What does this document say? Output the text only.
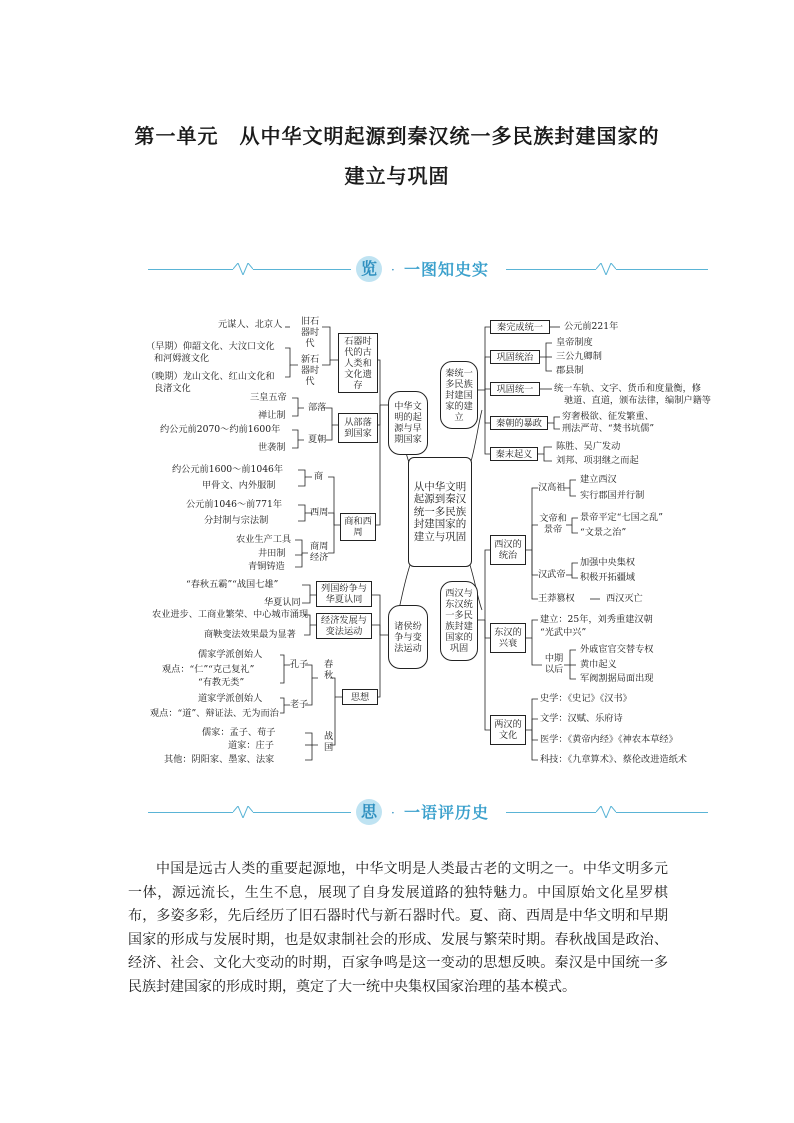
第一单元　从中华文明起源到秦汉统一多民族封建国家的
建立与巩固
览	· 一图知史实
从中华文明起源到秦汉统一多民族封建国家的建立与巩固
中华文明的起源与早期国家
诸侯纷争与变法运动
秦统一多民族封建国家的建立
西汉与东汉统一多民族封建国家的巩固
石器时代的古人类和文化遗存
从部落到国家
商和西周
列国纷争与华夏认同
经济发展与变法运动
思想
旧石器时代
新石器时代
元谋人、北京人
（早期）仰韶文化、大汶口文化
和河姆渡文化
（晚期）龙山文化、红山文化和
良渚文化
部落
夏朝
三皇五帝
禅让制
约公元前2070～约前1600年
世袭制
商
约公元前1600～前1046年
甲骨文、内外服制
西周
公元前1046～前771年
分封制与宗法制
商周经济
农业生产工具
井田制
青铜铸造
“春秋五霸”“战国七雄”
华夏认同
农业进步、工商业繁荣、中心城市涌现
商鞅变法效果最为显著
春秋
战国
孔子
老子
儒家学派创始人
观点：“仁”“克己复礼”
“有教无类”
道家学派创始人
观点：“道”、辩证法、无为而治
儒家：孟子、荀子
道家：庄子
其他：阴阳家、墨家、法家
秦完成统一	公元前221年
巩固统治
皇帝制度
三公九卿制
郡县制
巩固统一	统一车轨、文字、货币和度量衡，修
驰道、直道，颁布法律，编制户籍等
秦朝的暴政
穷奢极欲、征发繁重、
刑法严苛、“焚书坑儒”
秦末起义
陈胜、吴广发动
刘邦、项羽继之而起
西汉的统治
汉高祖
建立西汉
实行郡国并行制
文帝和景帝
景帝平定“七国之乱”
“文景之治”
汉武帝
加强中央集权
积极开拓疆域
王莽篡权	西汉灭亡
东汉的兴衰
建立：25年，刘秀重建汉朝
“光武中兴”
中期以后
外戚宦官交替专权
黄巾起义
军阀割据局面出现
两汉的文化
史学：《史记》《汉书》
文学：汉赋、乐府诗
医学：《黄帝内经》《神农本草经》
科技：《九章算术》、蔡伦改进造纸术
思	· 一语评历史
中国是远古人类的重要起源地，中华文明是人类最古老的文明之一。中华文明多元一体，源远流长，生生不息，展现了自身发展道路的独特魅力。中国原始文化星罗棋布，多姿多彩，先后经历了旧石器时代与新石器时代。夏、商、西周是中华文明和早期国家的形成与发展时期，也是奴隶制社会的形成、发展与繁荣时期。春秋战国是政治、经济、社会、文化大变动的时期，百家争鸣是这一变动的思想反映。秦汉是中国统一多民族封建国家的形成时期，奠定了大一统中央集权国家治理的基本模式。
